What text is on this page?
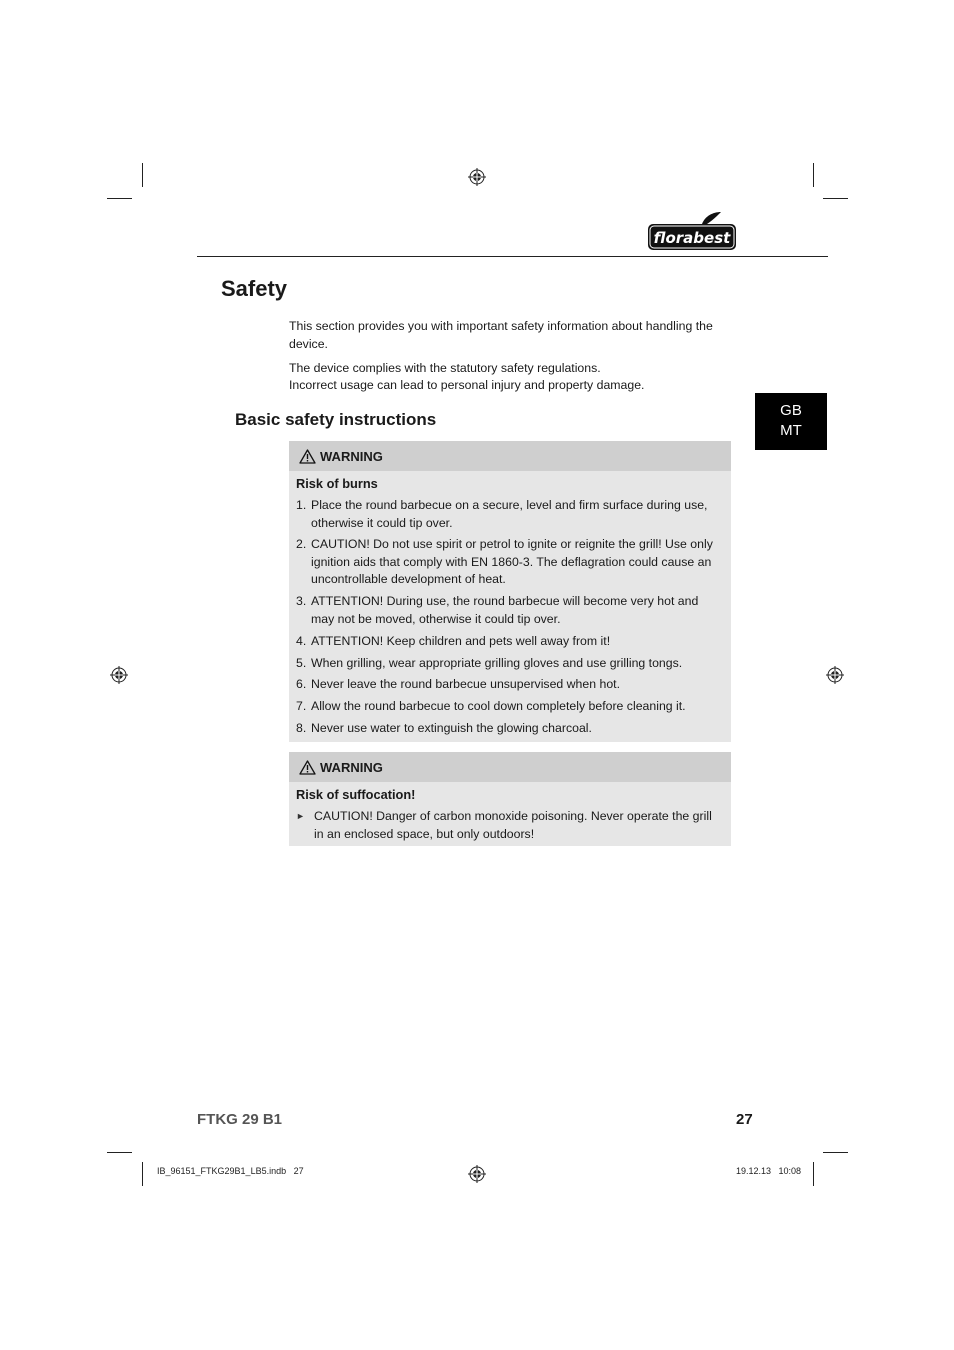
florabest
Safety

This section provides you with important safety information about handling the device.

The device complies with the statutory safety regulations.

Incorrect usage can lead to personal injury and property damage.

Basic safety instructions	GB
MT
WARNING

Risk of burns

1. Place the round barbecue on a secure, level and firm surface during use, otherwise it could tip over.
2. CAUTION! Do not use spirit or petrol to ignite or reignite the grill! Use only ignition aids that comply with EN 1860-3. The deflagration could cause an uncontrollable development of heat.
3. ATTENTION! During use, the round barbecue will become very hot and may not be moved, otherwise it could tip over.
4. ATTENTION! Keep children and pets well away from it!
5. When grilling, wear appropriate grilling gloves and use grilling tongs.
6. Never leave the round barbecue unsupervised when hot.
7. Allow the round barbecue to cool down completely before cleaning it.
8. Never use water to extinguish the glowing charcoal.
WARNING

Risk of suffocation!

► CAUTION! Danger of carbon monoxide poisoning. Never operate the grill in an enclosed space, but only outdoors!

FTKG 29 B1	27

IB_96151_FTKG29B1_LB5.indb   27	19.12.13   10:08
